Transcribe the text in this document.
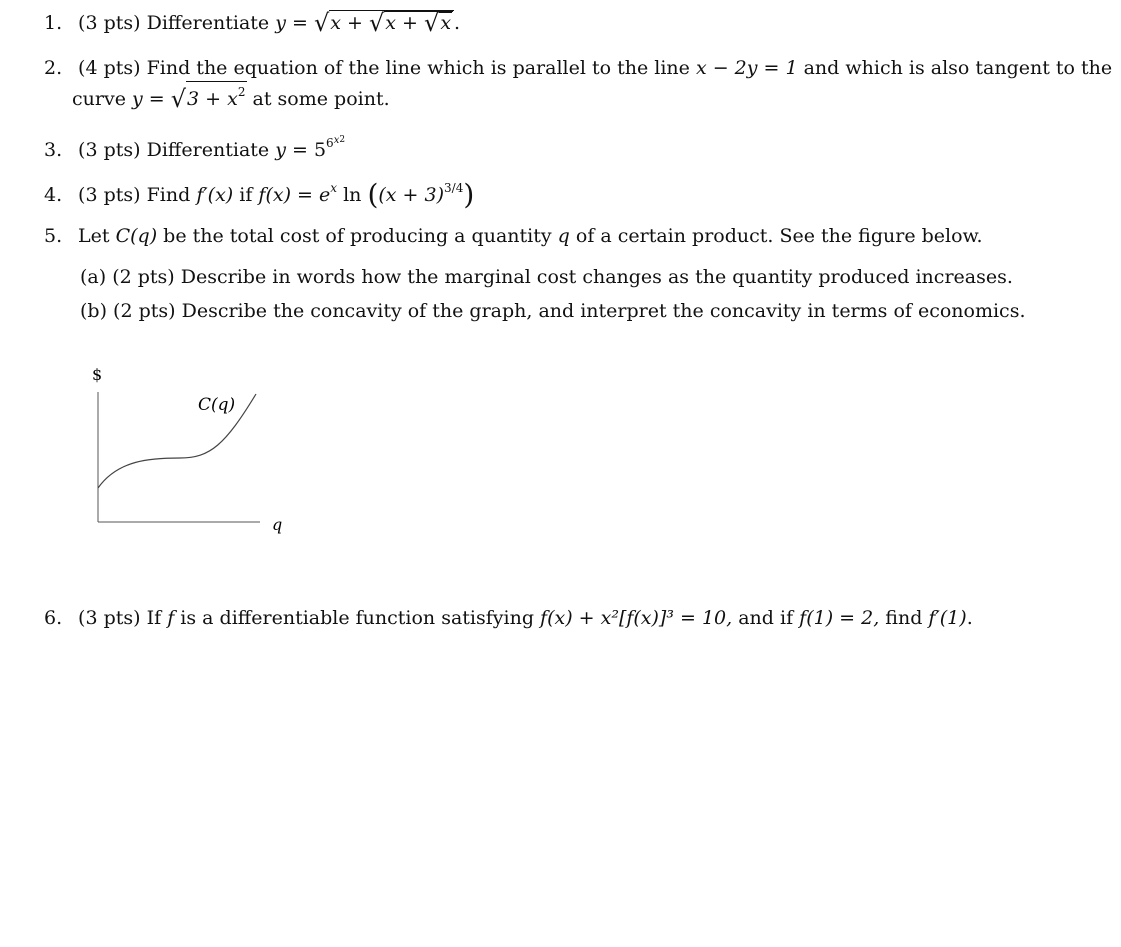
1. (3 pts) Differentiate y = √x + √x + √x .
2. (4 pts) Find the equation of the line which is parallel to the line x − 2y = 1 and which is also tangent to the
curve $y = √3 + x^2$ at some point.
3. (3 pts) Differentiate $y = 5^{6x2}$
4. (3 pts) Find f′(x) if $f(x) = e^x$ $\ln ((x + 3)^{3/4})$
5. Let C(q) be the total cost of producing a quantity q of a certain product. See the figure below.
(a) (2 pts) Describe in words how the marginal cost changes as the quantity produced increases.
(b) (2 pts) Describe the concavity of the graph, and interpret the concavity in terms of economics.
$
q
C(q)
6. (3 pts) If f is a differentiable function satisfying f(x) + x²[f(x)]³ = 10, and if f(1) = 2, find f′(1).
